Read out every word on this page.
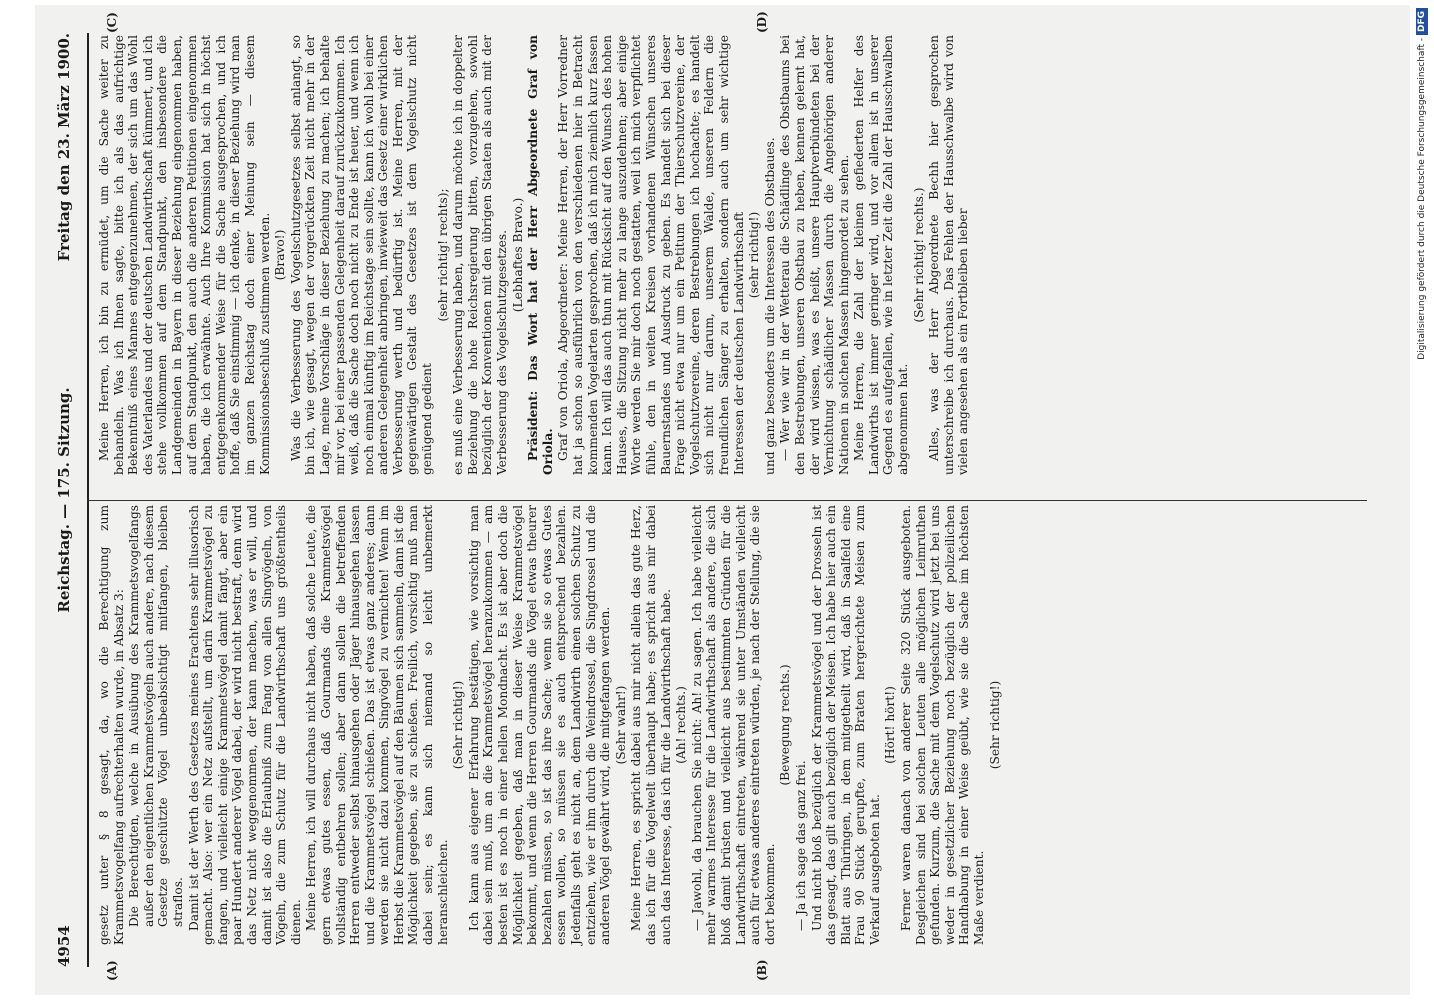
4954
Reichstag. — 175. Sitzung.
Freitag den 23. März 1900.
(A)	(B)
(C)	(D)

gesetz unter § 8 gesagt, da, wo die Berechtigung zum Krammetsvogelfang aufrechterhalten wurde, in Absatz 3: Die Berechtigten, welche in Ausübung des Krammetsvogelfangs außer den eigentlichen Krammetsvögeln auch andere, nach diesem Gesetze geschützte Vögel unbeabsichtigt mitfangen, bleiben straflos. Damit ist der Werth des Gesetzes meines Erachtens sehr illusorisch gemacht. Also: wer ein Netz aufstellt, um darin Krammetsvögel zu fangen, und vielleicht einige Krammetsvögel damit fängt, aber ein paar Hundert anderer Vögel dabei, der wird nicht bestraft, denn wird das Netz nicht weggenommen, der kann machen, was er will, und damit ist also die Erlaubniß zum Fang von allen Singvögeln, von Vögeln, die zum Schutz für die Landwirthschaft uns größtentheils dienen. Meine Herren, ich will durchaus nicht haben, daß solche Leute, die gern etwas gutes essen, daß Gourmands die Krammetsvögel vollständig entbehren sollen; aber dann sollen die betreffenden Herren entweder selbst hinausgehen oder Jäger hinausgehen lassen und die Krammetsvögel schießen. Das ist etwas ganz anderes; dann werden sie nicht dazu kommen, Singvögel zu vernichten! Wenn im Herbst die Krammetsvögel auf den Bäumen sich sammeln, dann ist die Möglichkeit gegeben, sie zu schießen. Freilich, vorsichtig muß man dabei sein; es kann sich niemand so leicht unbemerkt heranschleichen.

(Sehr richtig!) Ich kann aus eigener Erfahrung bestätigen, wie vorsichtig man dabei sein muß, um an die Krammetsvögel heranzukommen — am besten ist es noch in einer hellen Mondnacht. Es ist aber doch die Möglichkeit gegeben, daß man in dieser Weise Krammetsvögel bekommt, und wenn die Herren Gourmands die Vögel etwas theurer bezahlen müssen, so ist das ihre Sache; wenn sie so etwas Gutes essen wollen, so müssen sie es auch entsprechend bezahlen. Jedenfalls geht es nicht an, dem Landwirth einen solchen Schutz zu entziehen, wie er ihm durch die Weindrossel, die Singdrossel und die anderen Vögel gewährt wird, die mitgefangen werden. (Sehr wahr!) Meine Herren, es spricht dabei aus mir nicht allein das gute Herz, das ich für die Vogelwelt überhaupt habe; es spricht aus mir dabei auch das Interesse, das ich für die Landwirthschaft habe. (Ah! rechts.) — Jawohl, da brauchen Sie nicht: Ah! zu sagen. Ich habe vielleicht mehr warmes Interesse für die Landwirthschaft als andere, die sich bloß damit brüsten und vielleicht aus bestimmten Gründen für die Landwirthschaft eintreten, während sie unter Umständen vielleicht auch für etwas anderes eintreten würden, je nach der Stellung, die sie dort bekommen.

(Bewegung rechts.)

— Ja ich sage das ganz frei. Und nicht bloß bezüglich der Krammetsvögel und der Drosseln ist das gesagt, das gilt auch bezüglich der Meisen. Ich habe hier auch ein Blatt aus Thüringen, in dem mitgetheilt wird, daß in Saalfeld eine Frau 90 Stück gerupfte, zum Braten hergerichtete Meisen zum Verkauf ausgeboten hat.

(Hört! hört!) Ferner waren danach von anderer Seite 320 Stück ausgeboten. Desgleichen sind bei solchen Leuten alle möglichen Leimruthen gefunden. Kurzum, die Sache mit dem Vogelschutz wird jetzt bei uns weder in gesetzlicher Beziehung noch bezüglich der polizeilichen Handhabung in einer Weise geübt, wie sie die Sache im höchsten Maße verdient.

(Sehr richtig!)

Meine Herren, ich bin zu ermüdet, um die Sache weiter zu behandeln. Was ich Ihnen sagte, bitte ich als das aufrichtige Bekenntniß eines Mannes entgegenzunehmen, der sich um das Wohl des Vaterlandes und der deutschen Landwirthschaft kümmert, und ich stehe vollkommen auf dem Standpunkt, den insbesondere die Landgemeinden in Bayern in dieser Beziehung eingenommen haben, auf dem Standpunkt, den auch die anderen Petitionen eingenommen haben, die ich erwähnte. Auch Ihre Kommission hat sich in höchst entgegenkommender Weise für die Sache ausgesprochen, und ich hoffe, daß Sie einstimmig — ich denke, in dieser Beziehung wird man im ganzen Reichstag doch einer Meinung sein — diesem Kommissionsbeschluß zustimmen werden. (Bravo!) Was die Verbesserung des Vogelschutzgesetzes selbst anlangt, so bin ich, wie gesagt, wegen der vorgerückten Zeit nicht mehr in der Lage, meine Vorschläge in dieser Beziehung zu machen; ich behalte mir vor, bei einer passenden Gelegenheit darauf zurückzukommen. Ich weiß, daß die Sache doch noch nicht zu Ende ist heuer, und wenn ich noch einmal künftig im Reichstage sein sollte, kann ich wohl bei einer anderen Gelegenheit anbringen, inwieweit das Gesetz einer wirklichen Verbesserung werth und bedürftig ist. Meine Herren, mit der gegenwärtigen Gestalt des Gesetzes ist dem Vogelschutz nicht genügend gedient

(sehr richtig! rechts); es muß eine Verbesserung haben, und darum möchte ich in doppelter Beziehung die hohe Reichsregierung bitten, vorzugehen, sowohl bezüglich der Konventionen mit den übrigen Staaten als auch mit der Verbesserung des Vogelschutzgesetzes. (Lebhaftes Bravo.) Präsident: Das Wort hat der Herr Abgeordnete Graf von Oriola. Graf von Oriola, Abgeordneter: Meine Herren, der Herr Vorredner hat ja schon so ausführlich von den verschiedenen hier in Betracht kommenden Vogelarten gesprochen, daß ich mich ziemlich kurz fassen kann. Ich will das auch thun mit Rücksicht auf den Wunsch des hohen Hauses, die Sitzung nicht mehr zu lange auszudehnen; aber einige Worte werden Sie mir doch noch gestatten, weil ich mich verpflichtet fühle, den in weiten Kreisen vorhandenen Wünschen unseres Bauernstandes und Ausdruck zu geben. Es handelt sich bei dieser Frage nicht etwa nur um ein Petitum der Thierschutzvereine, der Vogelschutzvereine, deren Bestrebungen ich hochachte; es handelt sich nicht nur darum, unserem Walde, unseren Feldern die freundlichen Sänger zu erhalten, sondern auch um sehr wichtige Interessen der deutschen Landwirthschaft (sehr richtig!) und ganz besonders um die Interessen des Obstbaues. — Wer wie wir in der Wetterau die Schädlinge des Obstbaums bei den Bestrebungen, unseren Obstbau zu heben, kennen gelernt hat, der wird wissen, was es heißt, unsere Hauptverbündeten bei der Vernichtung schädlicher Massen durch die Angehörigen anderer Nationen in solchen Massen hingemordet zu sehen. Meine Herren, die Zahl der kleinen gefiederten Helfer des Landwirths ist immer geringer wird, und vor allem ist in unserer Gegend es aufgefallen, wie in letzter Zeit die Zahl der Hausschwalben abgenommen hat.

(Sehr richtig! rechts.) Alles, was der Herr Abgeordnete Bechh hier gesprochen unterschreibe ich durchaus. Das Fehlen der Hausschwalbe wird von vielen angesehen als ein Fortbleiben lieber	Digitalisierung gefördert durch die Deutsche Forschungsgemeinschaft - DFG
